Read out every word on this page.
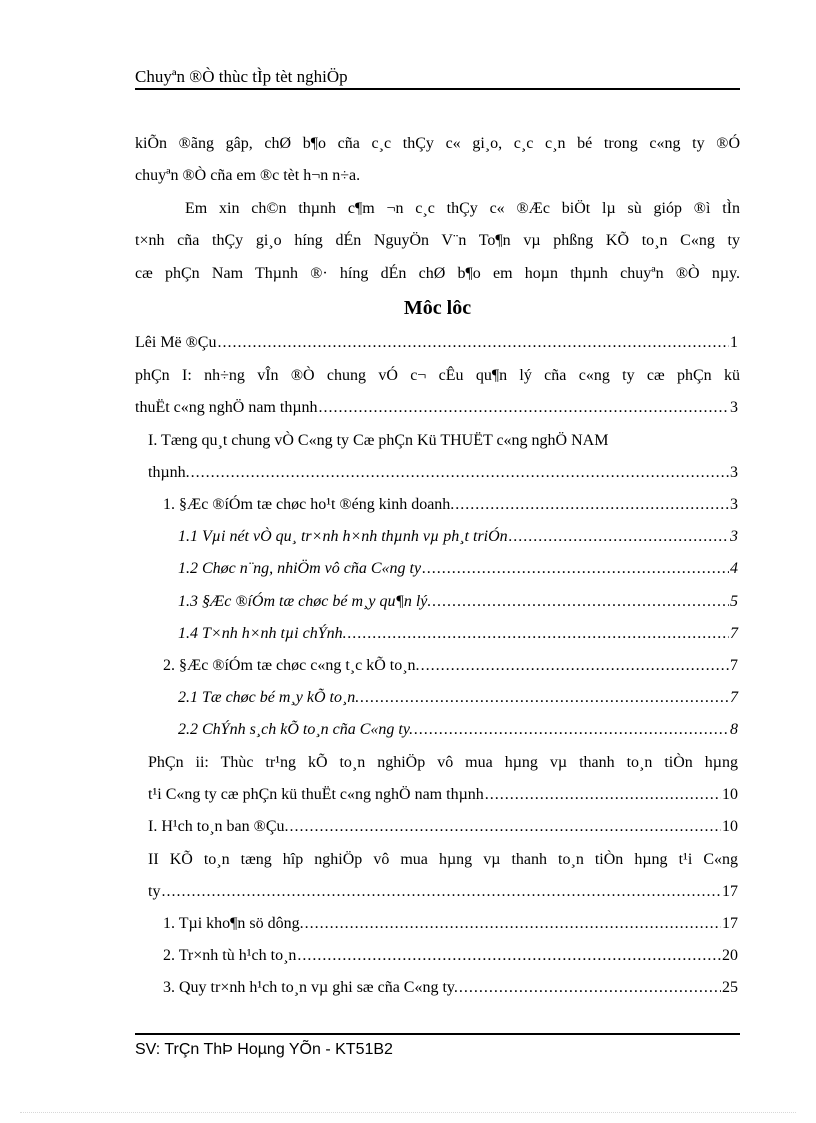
Chuyªn ®Ò thùc tÌp tèt nghiÖp
kiÕn ®ãng gâp, chØ b¶o cña c¸c thÇy c« gi¸o, c¸c c¸n bé trong c«ng ty ®Ó
chuyªn ®Ò cña em ®c tèt h¬n n÷a.
Em xin ch©n thµnh c¶m ¬n c¸c thÇy c« ®Æc biÖt lµ sù gióp ®ì tÌn
t×nh cña thÇy gi¸o híng dÉn NguyÖn V¨n To¶n vµ phßng KÕ to¸n C«ng ty
cæ phÇn Nam Thµnh ®· híng dÉn chØ b¶o em hoµn thµnh chuyªn ®Ò nµy.
Môc lôc
Lêi Më ®Çu .....	1
phÇn I: nh÷ng vÎn ®Ò chung vÓ c¬ cÊu qu¶n lý cña c«ng ty cæ phÇn kü
thuËt c«ng nghÖ nam thµnh .....	3
I. Tæng qu¸t chung vÒ C«ng ty Cæ phÇn Kü THUËT c«ng nghÖ NAM
thµnh. .....	3
1. §Æc ®íÓm tæ chøc ho¹t ®éng kinh doanh. .....	3
1.1 Vµi nét vÒ qu¸ tr×nh h×nh thµnh vµ ph¸t triÓn .....	3
1.2 Chøc n¨ng, nhiÖm vô cña C«ng ty .....	4
1.3 §Æc ®íÓm tæ chøc bé m¸y qu¶n lý. .....	5
1.4 T×nh h×nh tµi chÝnh. .....	7
2. §Æc ®íÓm tæ chøc c«ng t¸c kÕ to¸n. .....	7
2.1 Tæ chøc bé m¸y kÕ to¸n. .....	7
2.2 ChÝnh s¸ch kÕ to¸n cña C«ng ty. .....	8
PhÇn ii: Thùc tr¹ng kÕ to¸n nghiÖp vô mua hµng vµ thanh to¸n tiÒn hµng
t¹i C«ng ty cæ phÇn kü thuËt c«ng nghÖ nam thµnh .....	10
I. H¹ch to¸n ban ®Çu. .....	10
II KÕ to¸n tæng hîp nghiÖp vô mua hµng vµ thanh to¸n tiÒn hµng t¹i C«ng
ty .....	17
1. Tµi kho¶n sö dông. .....	17
2. Tr×nh tù h¹ch to¸n .....	20
3. Quy tr×nh h¹ch to¸n vµ ghi sæ cña C«ng ty. .....	25
SV: TrÇn ThÞ Hoµng YÕn - KT51B2
